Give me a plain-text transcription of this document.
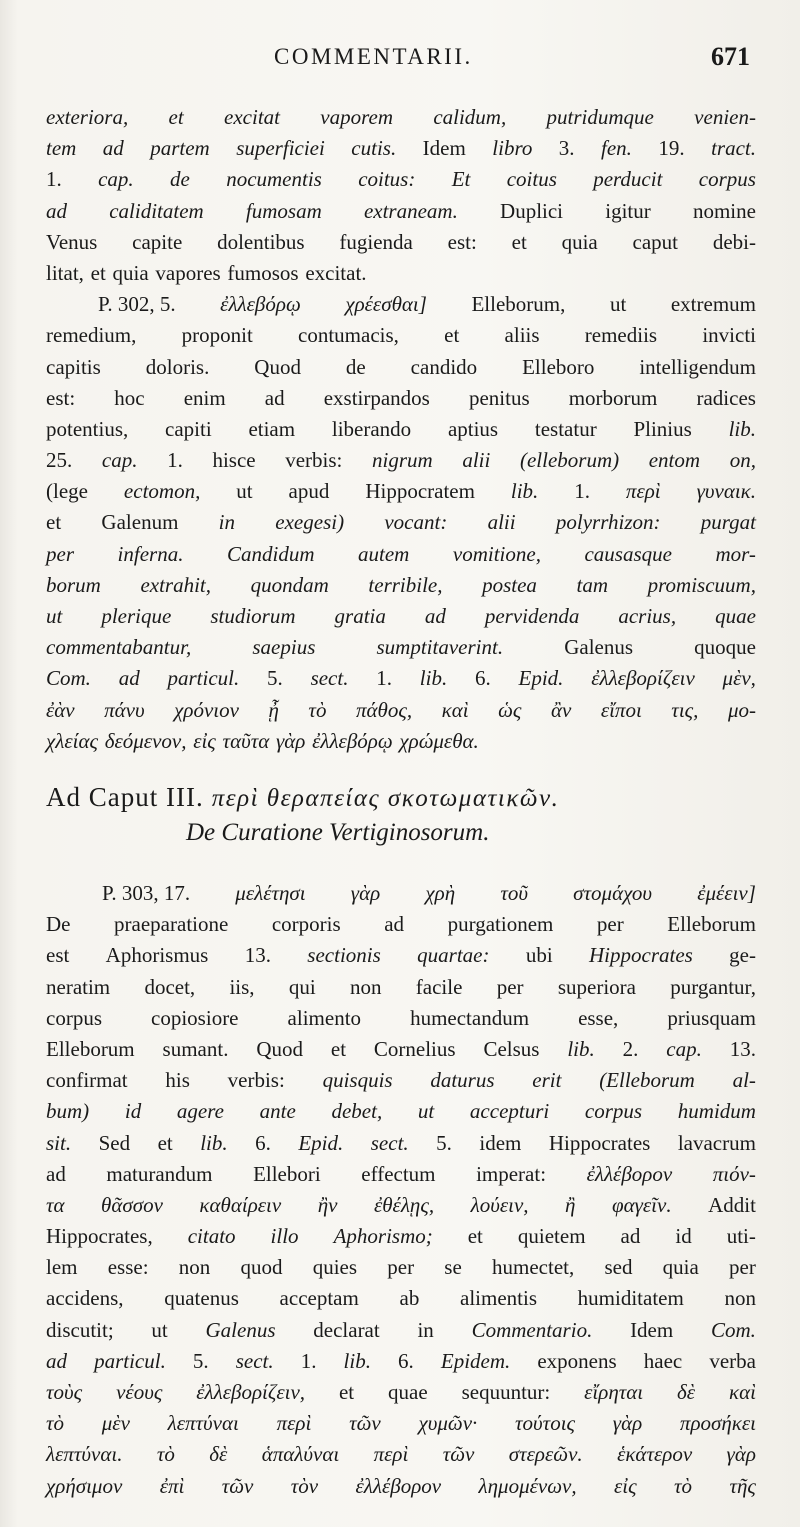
COMMENTARII.	671
exteriora, et excitat vaporem calidum, putridumque venien-
tem ad partem superficiei cutis. Idem libro 3. fen. 19. tract.
1. cap. de nocumentis coitus: Et coitus perducit corpus
ad caliditatem fumosam extraneam. Duplici igitur nomine
Venus capite dolentibus fugienda est: et quia caput debi-
litat, et quia vapores fumosos excitat.
P. 302, 5. ἐλλεβόρῳ χρέεσθαι] Elleborum, ut extremum
remedium, proponit contumacis, et aliis remediis invicti
capitis doloris. Quod de candido Elleboro intelligendum
est: hoc enim ad exstirpandos penitus morborum radices
potentius, capiti etiam liberando aptius testatur Plinius lib.
25. cap. 1. hisce verbis: nigrum alii (elleborum) entom on,
(lege ectomon, ut apud Hippocratem lib. 1. περὶ γυναικ.
et Galenum in exegesi) vocant: alii polyrrhizon: purgat
per inferna. Candidum autem vomitione, causasque mor-
borum extrahit, quondam terribile, postea tam promiscuum,
ut plerique studiorum gratia ad pervidenda acrius, quae
commentabantur,	saepius	sumptitaverint.	Galenus	quoque
Com. ad particul. 5. sect. 1. lib. 6. Epid. ἐλλεβορίζειν μὲν,
ἐὰν πάνυ χρόνιον ᾖ τὸ πάθος, καὶ ὡς ἂν εἴποι τις, μο-
χλείας δεόμενον, εἰς ταῦτα γὰρ ἐλλεβόρῳ χρώμεθα.
Ad Caput III. περὶ θεραπείας σκοτωματικῶν.
De Curatione Vertiginosorum.
P. 303, 17. μελέτησι γὰρ χρὴ τοῦ στομάχου ἐμέειν]
De praeparatione corporis ad purgationem per Elleborum
est Aphorismus 13. sectionis quartae: ubi Hippocrates ge-
neratim docet, iis, qui non facile per superiora purgantur,
corpus copiosiore alimento humectandum esse, priusquam
Elleborum sumant. Quod et Cornelius Celsus lib. 2. cap. 13.
confirmat his verbis: quisquis daturus erit (Elleborum al-
bum) id agere ante debet, ut accepturi corpus humidum
sit. Sed et lib. 6. Epid. sect. 5. idem Hippocrates lavacrum
ad maturandum Ellebori effectum imperat: ἐλλέβορον πιόν-
τα θᾶσσον καθαίρειν ἢν ἐθέλῃς, λούειν, ἢ φαγεῖν. Addit
Hippocrates, citato illo Aphorismo; et quietem ad id uti-
lem esse: non quod quies per se humectet, sed quia per
accidens, quatenus acceptam ab alimentis humiditatem non
discutit; ut Galenus declarat in Commentario. Idem Com.
ad particul. 5. sect. 1. lib. 6. Epidem. exponens haec verba
τοὺς νέους ἐλλεβορίζειν, et quae sequuntur: εἴρηται δὲ καὶ
τὸ μὲν λεπτύναι περὶ τῶν χυμῶν· τούτοις γὰρ προσήκει
λεπτύναι. τὸ δὲ ἁπαλύναι περὶ τῶν στερεῶν. ἑκάτερον γὰρ
χρήσιμον ἐπὶ τῶν τὸν ἐλλέβορον λημομένων, εἰς τὸ τῆς
